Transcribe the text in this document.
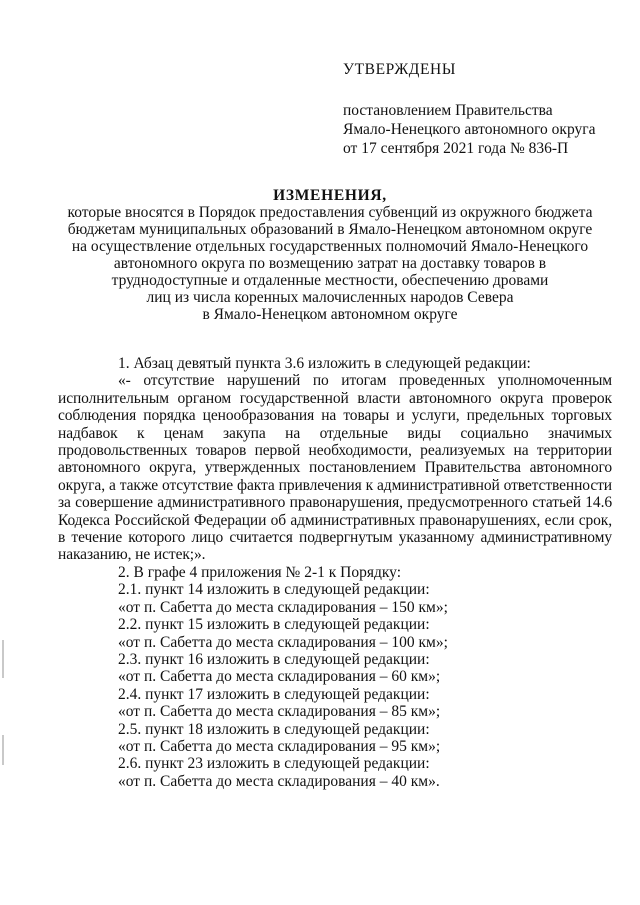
УТВЕРЖДЕНЫ
постановлением Правительства
Ямало-Ненецкого автономного округа
от 17 сентября 2021 года № 836-П
ИЗМЕНЕНИЯ,
которые вносятся в Порядок предоставления субвенций из окружного бюджета
бюджетам муниципальных образований в Ямало-Ненецком автономном округе
на осуществление отдельных государственных полномочий Ямало-Ненецкого
автономного округа по возмещению затрат на доставку товаров в
труднодоступные и отдаленные местности, обеспечению дровами
лиц из числа коренных малочисленных народов Севера
в Ямало-Ненецком автономном округе

1. Абзац девятый пункта 3.6 изложить в следующей редакции:

«- отсутствие нарушений по итогам проведенных уполномоченным исполнительным органом государственной власти автономного округа проверок соблюдения порядка ценообразования на товары и услуги, предельных торговых надбавок к ценам закупа на отдельные виды социально значимых продовольственных товаров первой необходимости, реализуемых на территории автономного округа, утвержденных постановлением Правительства автономного округа, а также отсутствие факта привлечения к административной ответственности за совершение административного правонарушения, предусмотренного статьей 14.6 Кодекса Российской Федерации об административных правонарушениях, если срок, в течение которого лицо считается подвергнутым указанному административному наказанию, не истек;».

2. В графе 4 приложения № 2-1 к Порядку:

2.1. пункт 14 изложить в следующей редакции:

«от п. Сабетта до места складирования – 150 км»;

2.2. пункт 15 изложить в следующей редакции:

«от п. Сабетта до места складирования – 100 км»;

2.3. пункт 16 изложить в следующей редакции:

«от п. Сабетта до места складирования – 60 км»;

2.4. пункт 17 изложить в следующей редакции:

«от п. Сабетта до места складирования – 85 км»;

2.5. пункт 18 изложить в следующей редакции:

«от п. Сабетта до места складирования – 95 км»;

2.6. пункт 23 изложить в следующей редакции:

«от п. Сабетта до места складирования – 40 км».
